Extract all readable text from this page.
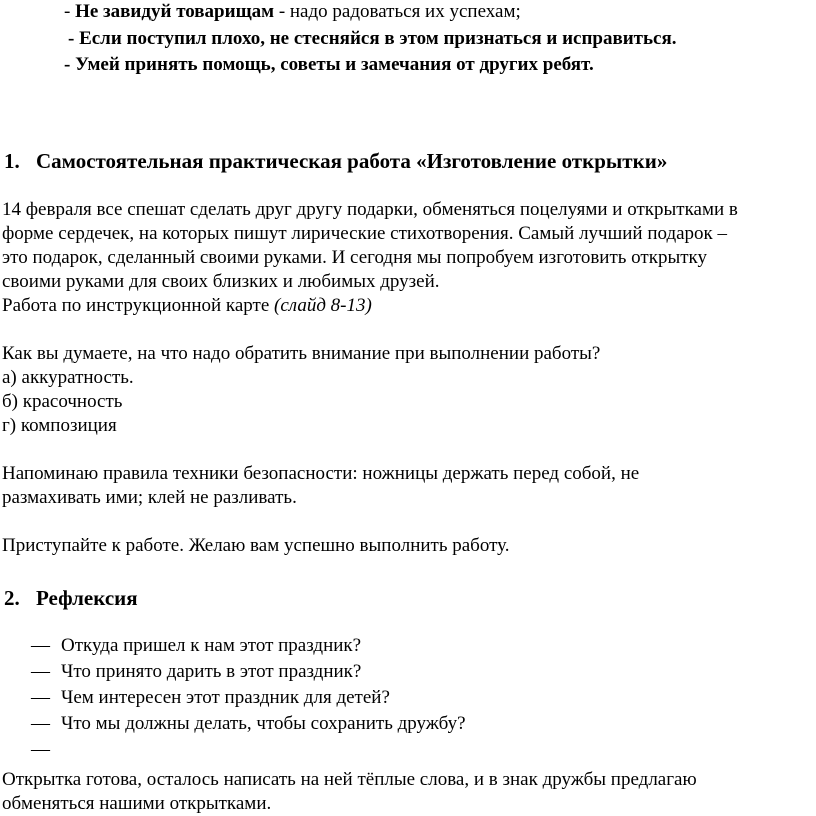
- Не завидуй товарищам - надо радоваться их успехам;
- Если поступил плохо, не стесняйся в этом признаться и исправиться.
- Умей принять помощь, советы и замечания от других ребят.
1. Самостоятельная практическая работа «Изготовление открытки»
14 февраля все спешат сделать друг другу подарки, обменяться поцелуями и открытками в
форме сердечек, на которых пишут лирические стихотворения. Самый лучший подарок –
это подарок, сделанный своими руками. И сегодня мы попробуем изготовить открытку
своими руками для своих близких и любимых друзей.
Работа по инструкционной карте (слайд 8-13)
Как вы думаете, на что надо обратить внимание при выполнении работы?
а) аккуратность.
б) красочность
г) композиция
Напоминаю правила техники безопасности: ножницы держать перед собой, не
размахивать ими; клей не разливать.
Приступайте к работе. Желаю вам успешно выполнить работу.
2. Рефлексия
— Откуда пришел к нам этот праздник?
— Что принято дарить в этот праздник?
— Чем интересен этот праздник для детей?
— Что мы должны делать, чтобы сохранить дружбу?
—
Открытка готова, осталось написать на ней тёплые слова, и в знак дружбы предлагаю
обменяться нашими открытками.
